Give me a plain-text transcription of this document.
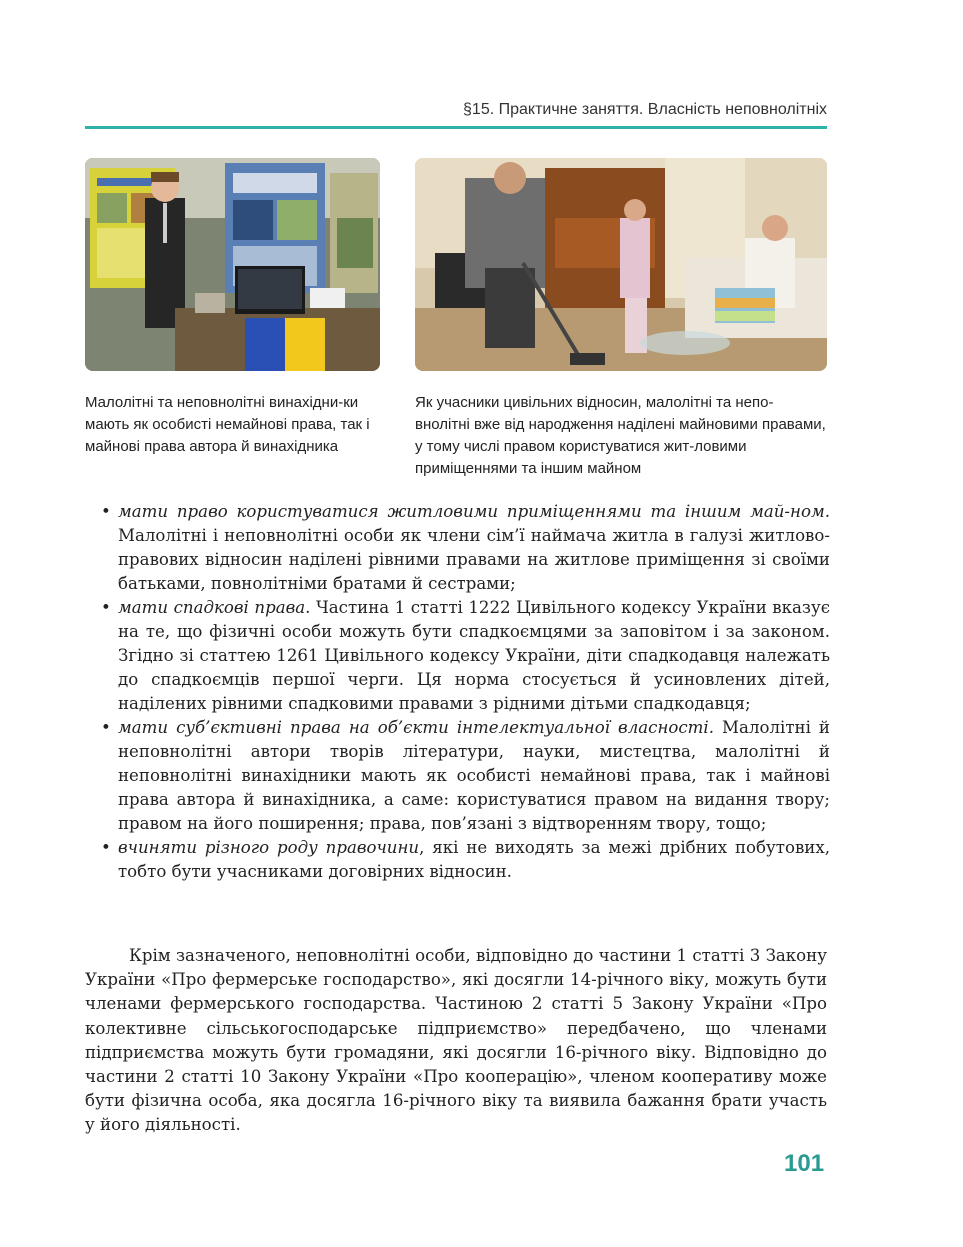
§15. Практичне заняття. Власність неповнолітніх
Малолітні та неповнолітні винахідни-ки мають як особисті немайнові права, так і майнові права автора й винахідника
Як учасники цивільних відносин, малолітні та непо-внолітні вже від народження наділені майновими правами, у тому числі правом користуватися жит-ловими приміщеннями та іншим майном
• мати право користуватися житловими приміщеннями та іншим май-ном. Малолітні і неповнолітні особи як члени сім’ї наймача житла в галузі житлово-правових відносин наділені рівними правами на житлове приміщення зі своїми батьками, повнолітніми братами й сестрами;
• мати спадкові права. Частина 1 статті 1222 Цивільного кодексу України вказує на те, що фізичні особи можуть бути спадкоємцями за заповітом і за законом. Згідно зі статтею 1261 Цивільного кодексу України, діти спадкодавця належать до спадкоємців першої черги. Ця норма стосується й усиновлених дітей, наділених рівними спадковими правами з рідними дітьми спадкодавця;
• мати суб’єктивні права на об’єкти інтелектуальної власності. Малолітні й неповнолітні автори творів літератури, науки, мистецтва, малолітні й неповнолітні винахідники мають як особисті немайнові права, так і майнові права автора й винахідника, а саме: користуватися правом на видання твору; правом на його поширення; права, пов’язані з відтворенням твору, тощо;
• вчиняти різного роду правочини, які не виходять за межі дрібних побутових, тобто бути учасниками договірних відносин.

Крім зазначеного, неповнолітні особи, відповідно до частини 1 статті 3 Закону України «Про фермерське господарство», які досягли 14-річного віку, можуть бути членами фермерського господарства. Частиною 2 статті 5 Закону України «Про колективне сільськогосподарське підприємство» передбачено, що членами підприємства можуть бути громадяни, які досягли 16-річного віку. Відповідно до частини 2 статті 10 Закону України «Про кооперацію», членом кооперативу може бути фізична особа, яка досягла 16-річного віку та виявила бажання брати участь у його діяльності.

101
